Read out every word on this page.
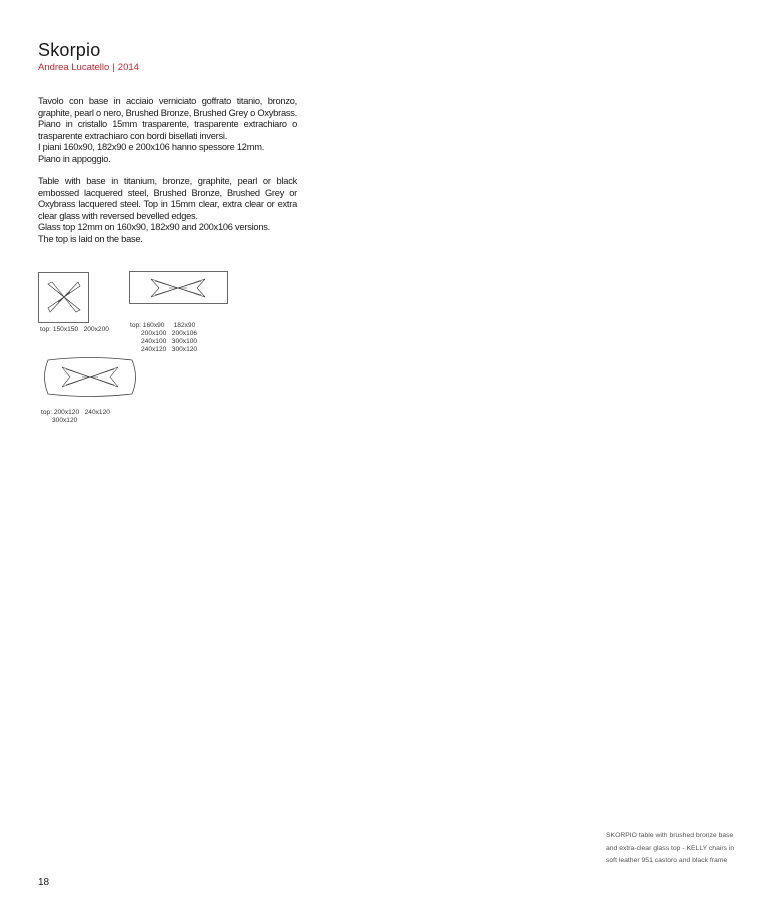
Skorpio
Andrea Lucatello | 2014

Tavolo con base in acciaio verniciato goffrato titanio, bronzo, graphite, pearl o nero, Brushed Bronze, Brushed Grey o Oxybrass. Piano in cristallo 15mm trasparente, trasparente extrachiaro o trasparente extrachiaro con bordi bisellati inversi.

I piani 160x90, 182x90 e 200x106 hanno spessore 12mm.

Piano in appoggio.

Table with base in titanium, bronze, graphite, pearl or black embossed lacquered steel, Brushed Bronze, Brushed Grey or Oxybrass lacquered steel. Top in 15mm clear, extra clear or extra clear glass with reversed bevelled edges.

Glass top 12mm on 160x90, 182x90 and 200x106 versions.

The top is laid on the base.

top: 150x150   200x200

top: 160x90     182x90
200x100   200x106
240x100   300x100
240x120   300x120

top: 200x120   240x120
300x120
SKORPIO table with brushed bronze base and extra-clear glass top - KELLY chairs in soft leather 951 castoro and black frame
18
